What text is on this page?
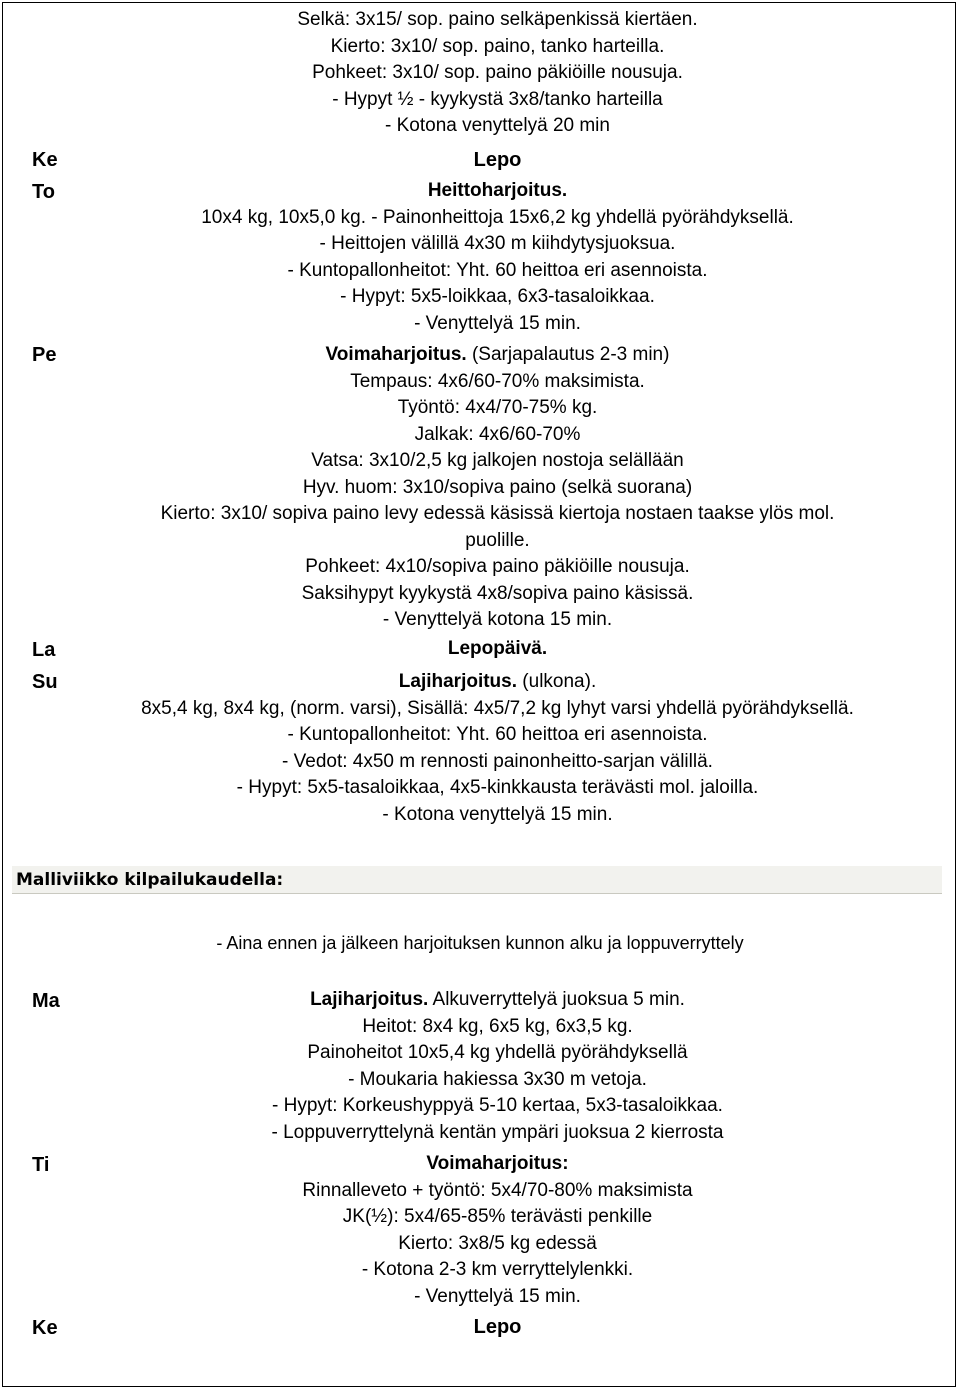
Selkä: 3x15/ sop. paino selkäpenkissä kiertäen.
Kierto: 3x10/ sop. paino, tanko harteilla.
Pohkeet: 3x10/ sop. paino päkiöille nousuja.
- Hypyt ½ - kyykystä 3x8/tanko harteilla
- Kotona venyttelyä 20 min
Ke	Lepo
To	Heittoharjoitus.
10x4 kg, 10x5,0 kg. - Painonheittoja 15x6,2 kg yhdellä pyörähdyksellä.
- Heittojen välillä 4x30 m kiihdytysjuoksua.
- Kuntopallonheitot: Yht. 60 heittoa eri asennoista.
- Hypyt: 5x5-loikkaa, 6x3-tasaloikkaa.
- Venyttelyä 15 min.
Pe	Voimaharjoitus. (Sarjapalautus 2-3 min)
Tempaus: 4x6/60-70% maksimista.
Työntö: 4x4/70-75% kg.
Jalkak: 4x6/60-70%
Vatsa: 3x10/2,5 kg jalkojen nostoja selällään
Hyv. huom: 3x10/sopiva paino (selkä suorana)
Kierto: 3x10/ sopiva paino levy edessä käsissä kiertoja nostaen taakse ylös mol.
puolille.
Pohkeet: 4x10/sopiva paino päkiöille nousuja.
Saksihypyt kyykystä 4x8/sopiva paino käsissä.
- Venyttelyä kotona 15 min.
La	Lepopäivä.
Su	Lajiharjoitus. (ulkona).
8x5,4 kg, 8x4 kg, (norm. varsi), Sisällä: 4x5/7,2 kg lyhyt varsi yhdellä pyörähdyksellä.
- Kuntopallonheitot: Yht. 60 heittoa eri asennoista.
- Vedot: 4x50 m rennosti painonheitto-sarjan välillä.
- Hypyt: 5x5-tasaloikkaa, 4x5-kinkkausta terävästi mol. jaloilla.
- Kotona venyttelyä 15 min.
Malliviikko kilpailukaudella:
- Aina ennen ja jälkeen harjoituksen kunnon alku ja loppuverryttely
Ma	Lajiharjoitus. Alkuverryttelyä juoksua 5 min.
Heitot: 8x4 kg, 6x5 kg, 6x3,5 kg.
Painoheitot 10x5,4 kg yhdellä pyörähdyksellä
- Moukaria hakiessa 3x30 m vetoja.
- Hypyt: Korkeushyppyä 5-10 kertaa, 5x3-tasaloikkaa.
- Loppuverryttelynä kentän ympäri juoksua 2 kierrosta
Ti	Voimaharjoitus:
Rinnalleveto + työntö: 5x4/70-80% maksimista
JK(½): 5x4/65-85% terävästi penkille
Kierto: 3x8/5 kg edessä
- Kotona 2-3 km verryttelylenkki.
- Venyttelyä 15 min.
Ke	Lepo
